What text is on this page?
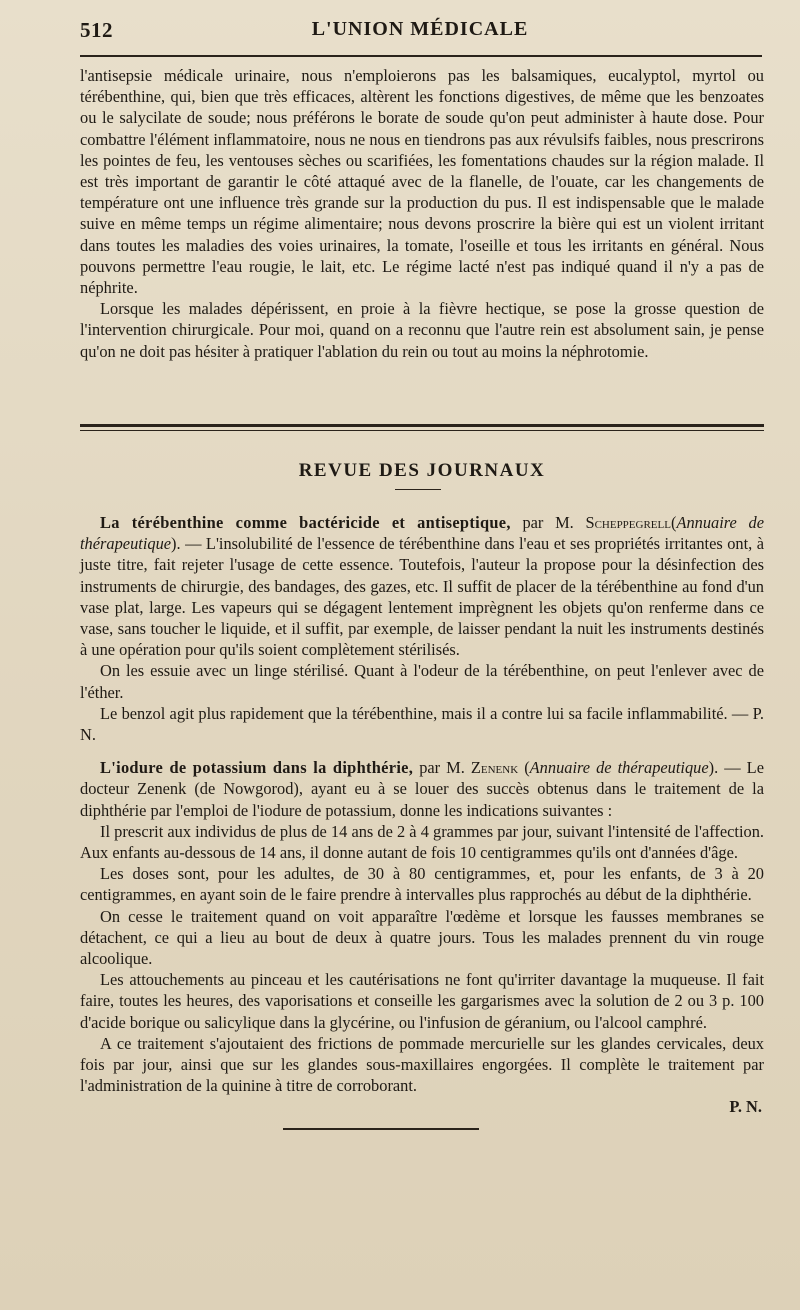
512	L'UNION MÉDICALE

l'antisepsie médicale urinaire, nous n'emploierons pas les balsamiques, eucalyptol, myrtol ou térébenthine, qui, bien que très efficaces, altèrent les fonctions digestives, de même que les benzoates ou le salycilate de soude; nous préférons le borate de soude qu'on peut administer à haute dose. Pour combattre l'élément inflammatoire, nous ne nous en tiendrons pas aux révulsifs faibles, nous prescrirons les pointes de feu, les ventouses sèches ou scarifiées, les fomentations chaudes sur la région malade. Il est très important de garantir le côté attaqué avec de la flanelle, de l'ouate, car les changements de température ont une influence très grande sur la production du pus. Il est indispensable que le malade suive en même temps un régime alimentaire; nous devons proscrire la bière qui est un violent irritant dans toutes les maladies des voies urinaires, la tomate, l'oseille et tous les irritants en général. Nous pouvons permettre l'eau rougie, le lait, etc. Le régime lacté n'est pas indiqué quand il n'y a pas de néphrite.

Lorsque les malades dépérissent, en proie à la fièvre hectique, se pose la grosse question de l'intervention chirurgicale. Pour moi, quand on a reconnu que l'autre rein est absolument sain, je pense qu'on ne doit pas hésiter à pratiquer l'ablation du rein ou tout au moins la néphrotomie.

REVUE DES JOURNAUX

La térébenthine comme bactéricide et antiseptique, par M. Scheppegrell(Annuaire de thérapeutique). — L'insolubilité de l'essence de térébenthine dans l'eau et ses propriétés irritantes ont, à juste titre, fait rejeter l'usage de cette essence. Toutefois, l'auteur la propose pour la désinfection des instruments de chirurgie, des bandages, des gazes, etc. Il suffit de placer de la térébenthine au fond d'un vase plat, large. Les vapeurs qui se dégagent lentement imprègnent les objets qu'on renferme dans ce vase, sans toucher le liquide, et il suffit, par exemple, de laisser pendant la nuit les instruments destinés à une opération pour qu'ils soient complètement stérilisés.

On les essuie avec un linge stérilisé. Quant à l'odeur de la térébenthine, on peut l'enlever avec de l'éther.

Le benzol agit plus rapidement que la térébenthine, mais il a contre lui sa facile inflammabilité. — P. N.

L'iodure de potassium dans la diphthérie, par M. Zenenk (Annuaire de thérapeutique). — Le docteur Zenenk (de Nowgorod), ayant eu à se louer des succès obtenus dans le traitement de la diphthérie par l'emploi de l'iodure de potassium, donne les indications suivantes :

Il prescrit aux individus de plus de 14 ans de 2 à 4 grammes par jour, suivant l'intensité de l'affection. Aux enfants au-dessous de 14 ans, il donne autant de fois 10 centigrammes qu'ils ont d'années d'âge.

Les doses sont, pour les adultes, de 30 à 80 centigrammes, et, pour les enfants, de 3 à 20 centigrammes, en ayant soin de le faire prendre à intervalles plus rapprochés au début de la diphthérie.

On cesse le traitement quand on voit apparaître l'œdème et lorsque les fausses membranes se détachent, ce qui a lieu au bout de deux à quatre jours. Tous les malades prennent du vin rouge alcoolique.

Les attouchements au pinceau et les cautérisations ne font qu'irriter davantage la muqueuse. Il fait faire, toutes les heures, des vaporisations et conseille les gargarismes avec la solution de 2 ou 3 p. 100 d'acide borique ou salicylique dans la glycérine, ou l'infusion de géranium, ou l'alcool camphré.

A ce traitement s'ajoutaient des frictions de pommade mercurielle sur les glandes cervicales, deux fois par jour, ainsi que sur les glandes sous-maxillaires engorgées. Il complète le traitement par l'administration de la quinine à titre de corroborant.

P. N.
